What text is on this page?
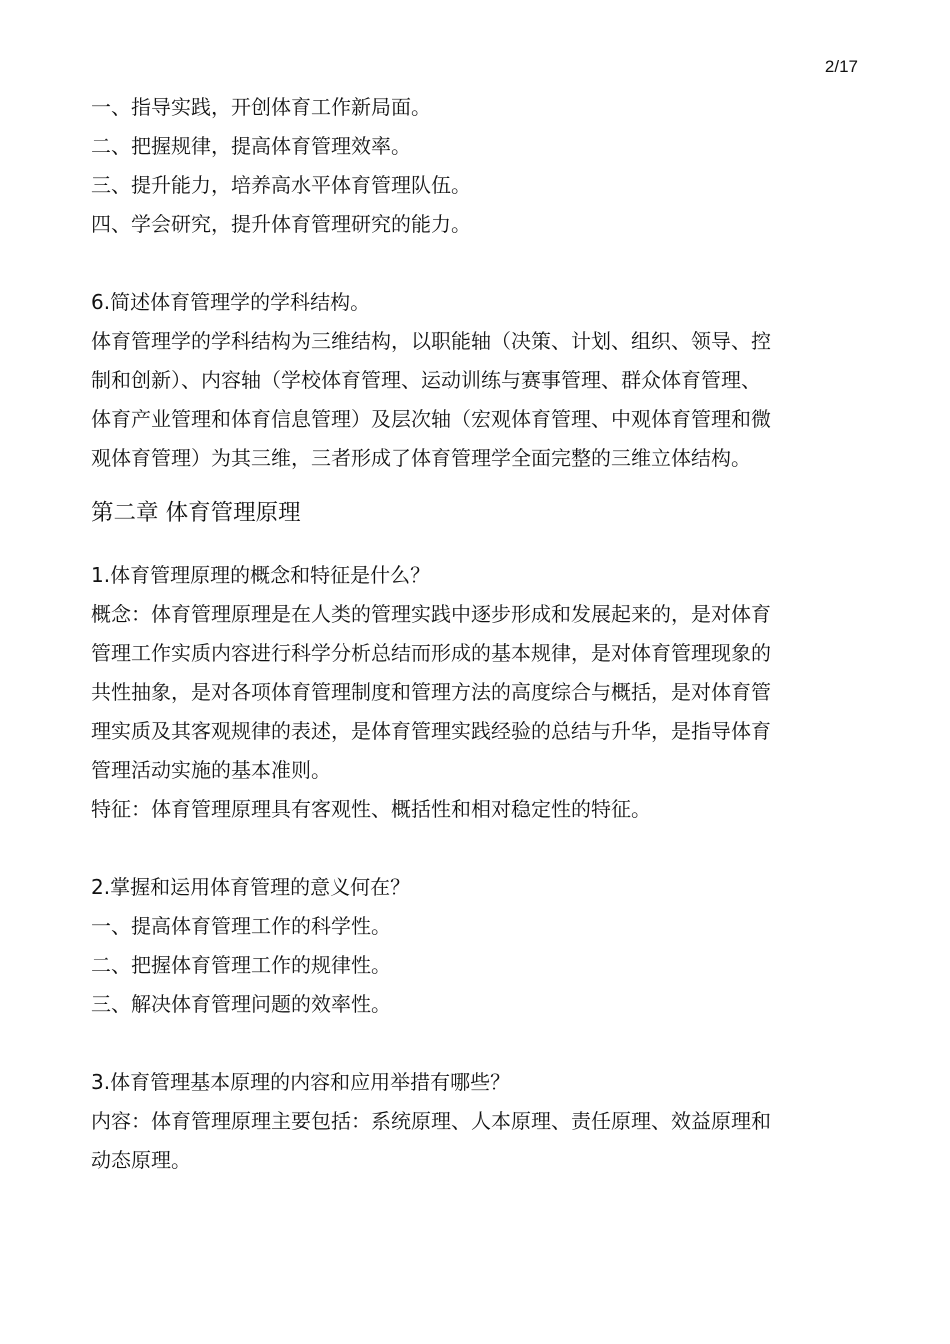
2/17

一、指导实践，开创体育工作新局面。

二、把握规律，提高体育管理效率。

三、提升能力，培养高水平体育管理队伍。

四、学会研究，提升体育管理研究的能力。

6.简述体育管理学的学科结构。

体育管理学的学科结构为三维结构，以职能轴（决策、计划、组织、领导、控

制和创新）、内容轴（学校体育管理、运动训练与赛事管理、群众体育管理、

体育产业管理和体育信息管理）及层次轴（宏观体育管理、中观体育管理和微

观体育管理）为其三维，三者形成了体育管理学全面完整的三维立体结构。

第二章 体育管理原理

1.体育管理原理的概念和特征是什么？

概念：体育管理原理是在人类的管理实践中逐步形成和发展起来的，是对体育

管理工作实质内容进行科学分析总结而形成的基本规律，是对体育管理现象的

共性抽象，是对各项体育管理制度和管理方法的高度综合与概括，是对体育管

理实质及其客观规律的表述，是体育管理实践经验的总结与升华，是指导体育

管理活动实施的基本准则。

特征：体育管理原理具有客观性、概括性和相对稳定性的特征。

2.掌握和运用体育管理的意义何在？

一、提高体育管理工作的科学性。

二、把握体育管理工作的规律性。

三、解决体育管理问题的效率性。

3.体育管理基本原理的内容和应用举措有哪些？

内容：体育管理原理主要包括：系统原理、人本原理、责任原理、效益原理和

动态原理。
